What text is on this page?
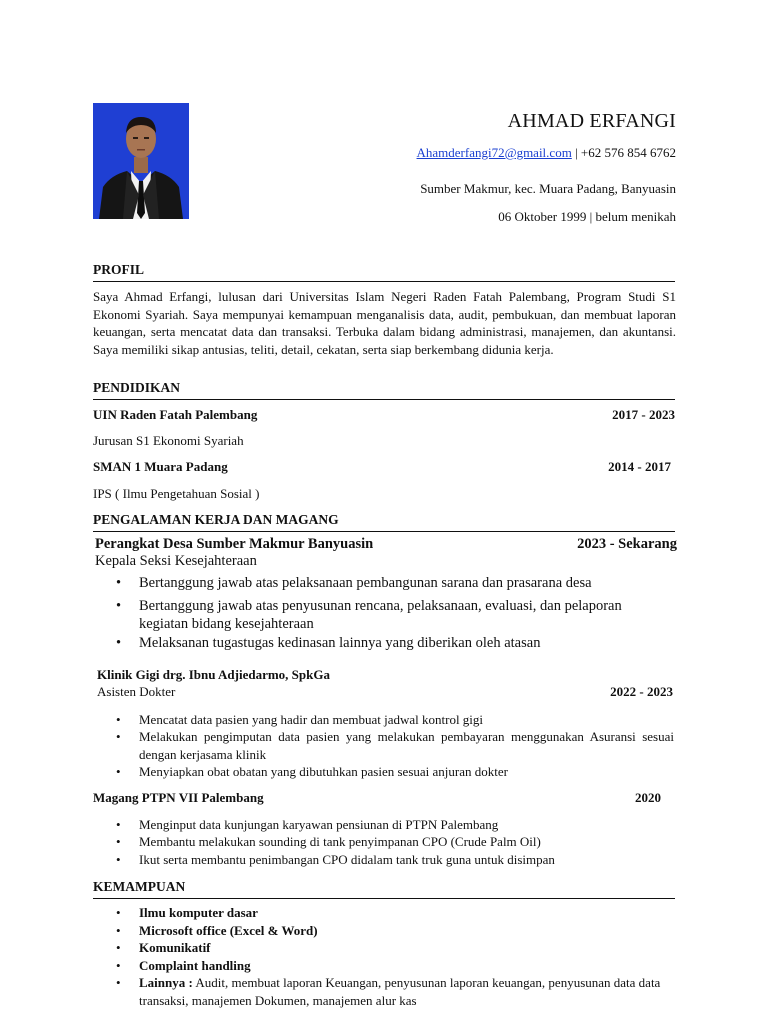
AHMAD ERFANGI
Ahamderfangi72@gmail.com | +62 576 854 6762
Sumber Makmur, kec. Muara Padang, Banyuasin
06 Oktober 1999 | belum menikah
PROFIL
Saya Ahmad Erfangi, lulusan dari Universitas Islam Negeri Raden Fatah Palembang, Program Studi S1 Ekonomi Syariah. Saya mempunyai kemampuan menganalisis data, audit, pembukuan, dan membuat laporan keuangan, serta mencatat data dan transaksi. Terbuka dalam bidang administrasi, manajemen, dan akuntansi. Saya memiliki sikap antusias, teliti, detail, cekatan, serta siap berkembang didunia kerja.
PENDIDIKAN
UIN Raden Fatah Palembang	2017 - 2023
Jurusan S1 Ekonomi Syariah
SMAN 1 Muara Padang	2014 - 2017
IPS ( Ilmu Pengetahuan Sosial )
PENGALAMAN KERJA DAN MAGANG
Perangkat Desa Sumber Makmur Banyuasin	2023 - Sekarang
Kepala Seksi Kesejahteraan
• Bertanggung jawab atas pelaksanaan pembangunan sarana dan prasarana desa
• Bertanggung jawab atas penyusunan rencana, pelaksanaan, evaluasi, dan pelaporan kegiatan bidang kesejahteraan
• Melaksanan tugastugas kedinasan lainnya yang diberikan oleh atasan
Klinik Gigi drg. Ibnu Adjiedarmo, SpkGa
Asisten Dokter	2022 - 2023
• Mencatat data pasien yang hadir dan membuat jadwal kontrol gigi
• Melakukan pengimputan data pasien yang melakukan pembayaran menggunakan Asuransi sesuai dengan kerjasama klinik
• Menyiapkan obat obatan yang dibutuhkan pasien sesuai anjuran dokter
Magang PTPN VII Palembang	2020
• Menginput data kunjungan karyawan pensiunan di PTPN Palembang
• Membantu melakukan sounding di tank penyimpanan CPO (Crude Palm Oil)
• Ikut serta membantu penimbangan CPO didalam tank truk guna untuk disimpan
KEMAMPUAN
• Ilmu komputer dasar
• Microsoft office (Excel & Word)
• Komunikatif
• Complaint handling
• Lainnya : Audit, membuat laporan Keuangan, penyusunan laporan keuangan, penyusunan data data transaksi, manajemen Dokumen, manajemen alur kas
